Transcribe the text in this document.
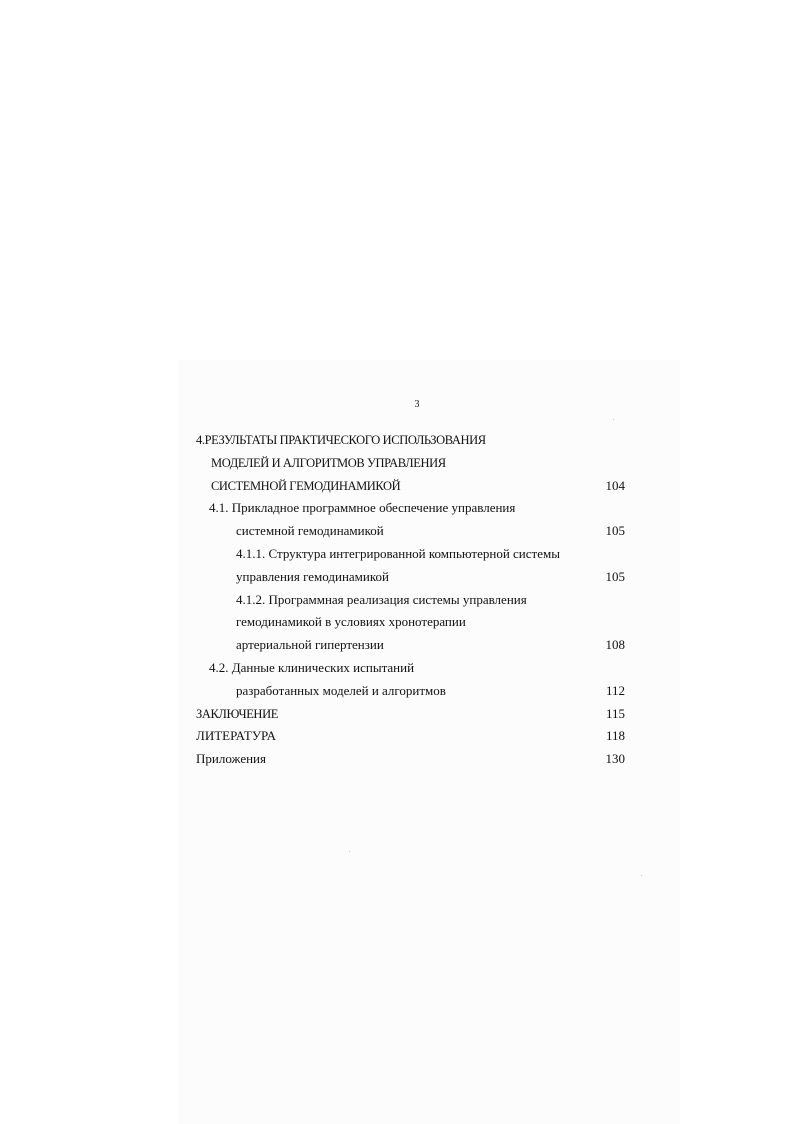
3
4.РЕЗУЛЬТАТЫ ПРАКТИЧЕСКОГО ИСПОЛЬЗОВАНИЯ
МОДЕЛЕЙ И АЛГОРИТМОВ УПРАВЛЕНИЯ
СИСТЕМНОЙ ГЕМОДИНАМИКОЙ	104
4.1. Прикладное программное обеспечение управления
системной гемодинамикой	105
4.1.1. Структура интегрированной компьютерной системы
управления гемодинамикой	105
4.1.2. Программная реализация системы управления
гемодинамикой в условиях хронотерапии
артериальной гипертензии	108
4.2. Данные клинических испытаний
разработанных моделей и алгоритмов	112
ЗАКЛЮЧЕНИЕ	115
ЛИТЕРАТУРА	118
Приложения	130
